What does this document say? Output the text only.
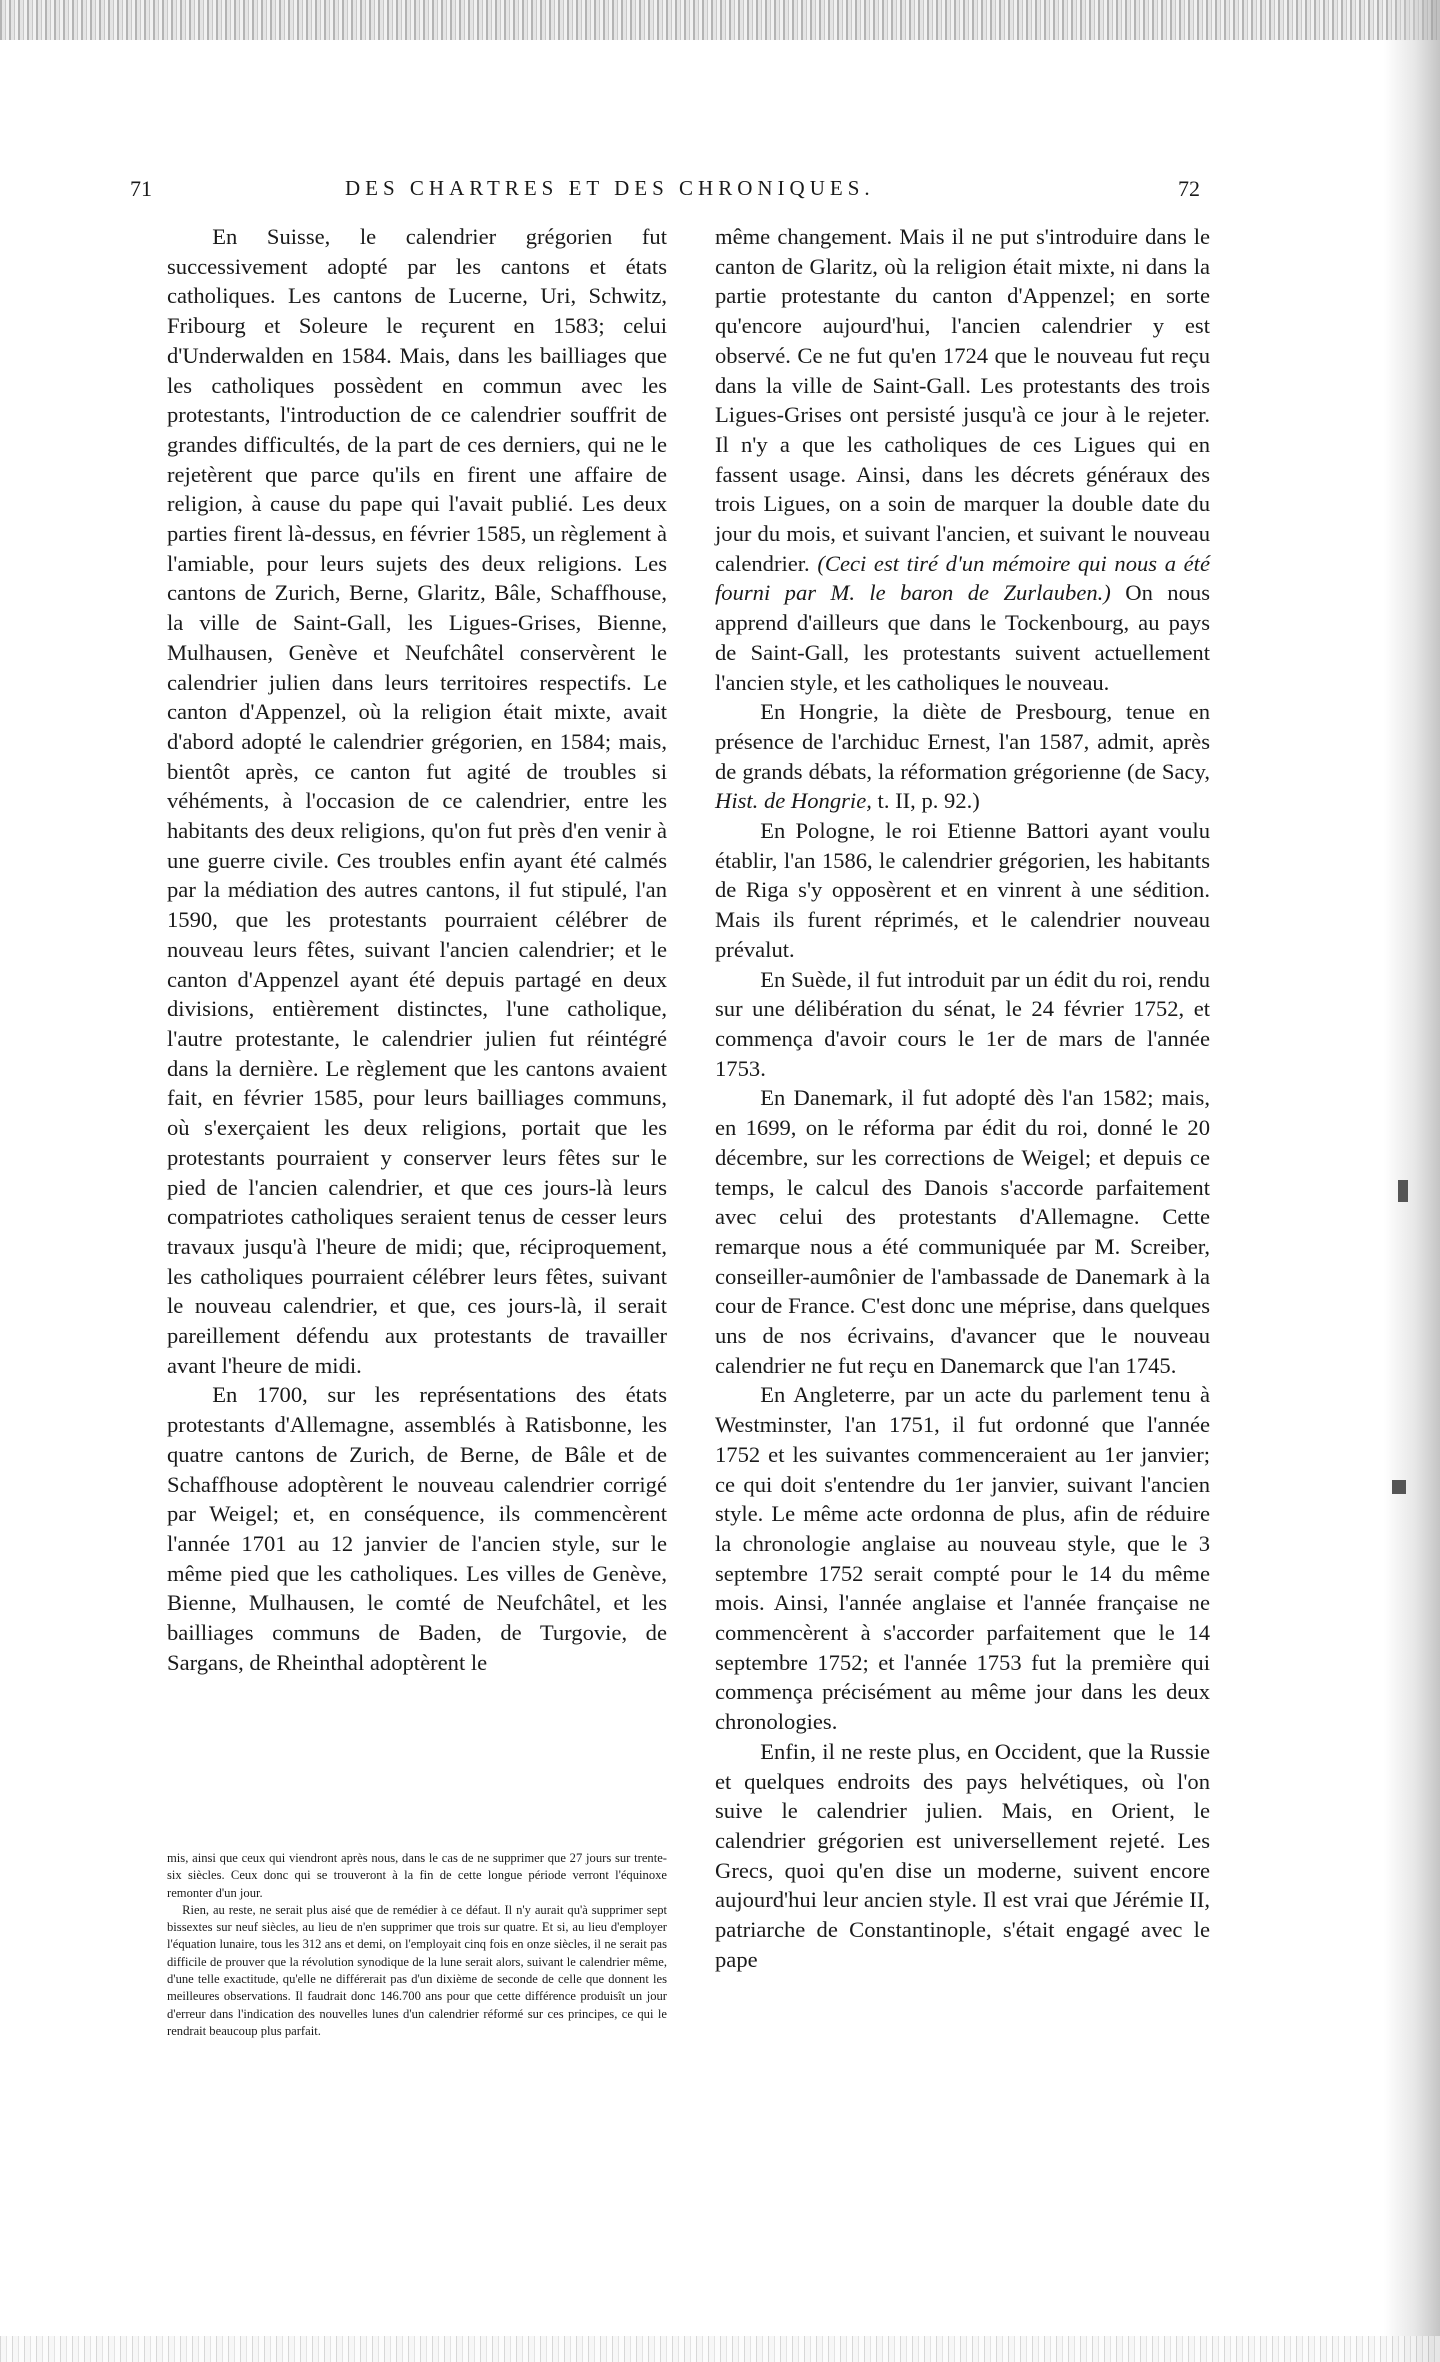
71	DES CHARTRES ET DES CHRONIQUES.	72

En Suisse, le calendrier grégorien fut successivement adopté par les cantons et états catholiques. Les cantons de Lucerne, Uri, Schwitz, Fribourg et Soleure le reçurent en 1583; celui d'Underwalden en 1584. Mais, dans les bailliages que les catholiques possèdent en commun avec les protestants, l'introduction de ce calendrier souffrit de grandes difficultés, de la part de ces derniers, qui ne le rejetèrent que parce qu'ils en firent une affaire de religion, à cause du pape qui l'avait publié. Les deux parties firent là-dessus, en février 1585, un règlement à l'amiable, pour leurs sujets des deux religions. Les cantons de Zurich, Berne, Glaritz, Bâle, Schaffhouse, la ville de Saint-Gall, les Ligues-Grises, Bienne, Mulhausen, Genève et Neufchâtel conservèrent le calendrier julien dans leurs territoires respectifs. Le canton d'Appenzel, où la religion était mixte, avait d'abord adopté le calendrier grégorien, en 1584; mais, bientôt après, ce canton fut agité de troubles si véhéments, à l'occasion de ce calendrier, entre les habitants des deux religions, qu'on fut près d'en venir à une guerre civile. Ces troubles enfin ayant été calmés par la médiation des autres cantons, il fut stipulé, l'an 1590, que les protestants pourraient célébrer de nouveau leurs fêtes, suivant l'ancien calendrier; et le canton d'Appenzel ayant été depuis partagé en deux divisions, entièrement distinctes, l'une catholique, l'autre protestante, le calendrier julien fut réintégré dans la dernière. Le règlement que les cantons avaient fait, en février 1585, pour leurs bailliages communs, où s'exerçaient les deux religions, portait que les protestants pourraient y conserver leurs fêtes sur le pied de l'ancien calendrier, et que ces jours-là leurs compatriotes catholiques seraient tenus de cesser leurs travaux jusqu'à l'heure de midi; que, réciproquement, les catholiques pourraient célébrer leurs fêtes, suivant le nouveau calendrier, et que, ces jours-là, il serait pareillement défendu aux protestants de travailler avant l'heure de midi.

En 1700, sur les représentations des états protestants d'Allemagne, assemblés à Ratisbonne, les quatre cantons de Zurich, de Berne, de Bâle et de Schaffhouse adoptèrent le nouveau calendrier corrigé par Weigel; et, en conséquence, ils commencèrent l'année 1701 au 12 janvier de l'ancien style, sur le même pied que les catholiques. Les villes de Genève, Bienne, Mulhausen, le comté de Neufchâtel, et les bailliages communs de Baden, de Turgovie, de Sargans, de Rheinthal adoptèrent le

mis, ainsi que ceux qui viendront après nous, dans le cas de ne supprimer que 27 jours sur trente-six siècles. Ceux donc qui se trouveront à la fin de cette longue période verront l'équinoxe remonter d'un jour.

Rien, au reste, ne serait plus aisé que de remédier à ce défaut. Il n'y aurait qu'à supprimer sept bissextes sur neuf siècles, au lieu de n'en supprimer que trois sur quatre. Et si, au lieu d'employer l'équation lunaire, tous les 312 ans et demi, on l'employait cinq fois en onze siècles, il ne serait pas difficile de prouver que la révolution synodique de la lune serait alors, suivant le calendrier même, d'une telle exactitude, qu'elle ne différerait pas d'un dixième de seconde de celle que donnent les meilleures observations. Il faudrait donc 146.700 ans pour que cette différence produisît un jour d'erreur dans l'indication des nouvelles lunes d'un calendrier réformé sur ces principes, ce qui le rendrait beaucoup plus parfait.

même changement. Mais il ne put s'introduire dans le canton de Glaritz, où la religion était mixte, ni dans la partie protestante du canton d'Appenzel; en sorte qu'encore aujourd'hui, l'ancien calendrier y est observé. Ce ne fut qu'en 1724 que le nouveau fut reçu dans la ville de Saint-Gall. Les protestants des trois Ligues-Grises ont persisté jusqu'à ce jour à le rejeter. Il n'y a que les catholiques de ces Ligues qui en fassent usage. Ainsi, dans les décrets généraux des trois Ligues, on a soin de marquer la double date du jour du mois, et suivant l'ancien, et suivant le nouveau calendrier. (Ceci est tiré d'un mémoire qui nous a été fourni par M. le baron de Zurlauben.) On nous apprend d'ailleurs que dans le Tockenbourg, au pays de Saint-Gall, les protestants suivent actuellement l'ancien style, et les catholiques le nouveau.

En Hongrie, la diète de Presbourg, tenue en présence de l'archiduc Ernest, l'an 1587, admit, après de grands débats, la réformation grégorienne (de Sacy, Hist. de Hongrie, t. II, p. 92.)

En Pologne, le roi Etienne Battori ayant voulu établir, l'an 1586, le calendrier grégorien, les habitants de Riga s'y opposèrent et en vinrent à une sédition. Mais ils furent réprimés, et le calendrier nouveau prévalut.

En Suède, il fut introduit par un édit du roi, rendu sur une délibération du sénat, le 24 février 1752, et commença d'avoir cours le 1er de mars de l'année 1753.

En Danemark, il fut adopté dès l'an 1582; mais, en 1699, on le réforma par édit du roi, donné le 20 décembre, sur les corrections de Weigel; et depuis ce temps, le calcul des Danois s'accorde parfaitement avec celui des protestants d'Allemagne. Cette remarque nous a été communiquée par M. Screiber, conseiller-aumônier de l'ambassade de Danemark à la cour de France. C'est donc une méprise, dans quelques uns de nos écrivains, d'avancer que le nouveau calendrier ne fut reçu en Danemarck que l'an 1745.

En Angleterre, par un acte du parlement tenu à Westminster, l'an 1751, il fut ordonné que l'année 1752 et les suivantes commenceraient au 1er janvier; ce qui doit s'entendre du 1er janvier, suivant l'ancien style. Le même acte ordonna de plus, afin de réduire la chronologie anglaise au nouveau style, que le 3 septembre 1752 serait compté pour le 14 du même mois. Ainsi, l'année anglaise et l'année française ne commencèrent à s'accorder parfaitement que le 14 septembre 1752; et l'année 1753 fut la première qui commença précisément au même jour dans les deux chronologies.

Enfin, il ne reste plus, en Occident, que la Russie et quelques endroits des pays helvétiques, où l'on suive le calendrier julien. Mais, en Orient, le calendrier grégorien est universellement rejeté. Les Grecs, quoi qu'en dise un moderne, suivent encore aujourd'hui leur ancien style. Il est vrai que Jérémie II, patriarche de Constantinople, s'était engagé avec le pape
